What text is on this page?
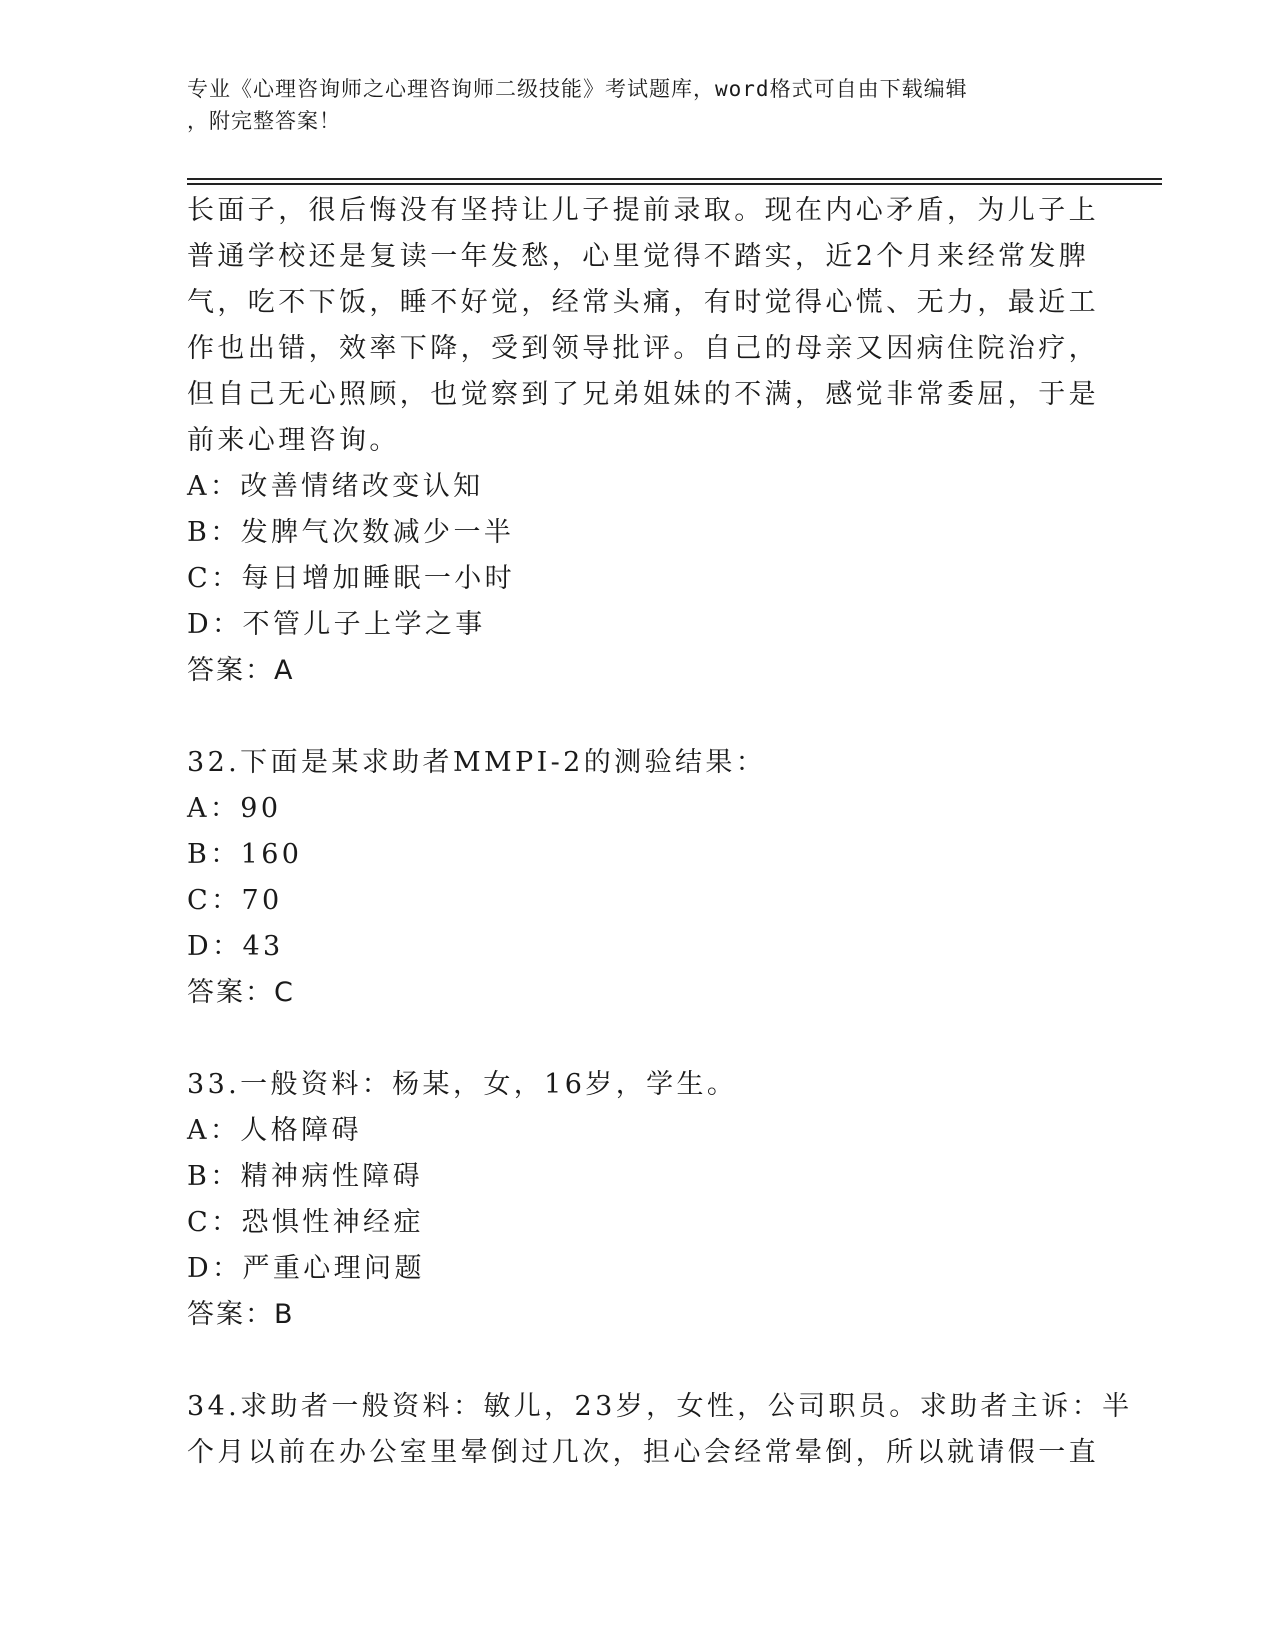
专业《心理咨询师之心理咨询师二级技能》考试题库，word格式可自由下载编辑
，附完整答案！
长面子，很后悔没有坚持让儿子提前录取。现在内心矛盾，为儿子上
普通学校还是复读一年发愁，心里觉得不踏实，近2个月来经常发脾
气，吃不下饭，睡不好觉，经常头痛，有时觉得心慌、无力，最近工
作也出错，效率下降，受到领导批评。自己的母亲又因病住院治疗，
但自己无心照顾，也觉察到了兄弟姐妹的不满，感觉非常委屈，于是
前来心理咨询。
A：改善情绪改变认知
B：发脾气次数减少一半
C：每日增加睡眠一小时
D：不管儿子上学之事
答案：A
32.下面是某求助者MMPI-2的测验结果：
A：90
B：160
C：70
D：43
答案：C
33.一般资料：杨某，女，16岁，学生。
A：人格障碍
B：精神病性障碍
C：恐惧性神经症
D：严重心理问题
答案：B
34.求助者一般资料：敏儿，23岁，女性，公司职员。求助者主诉：半
个月以前在办公室里晕倒过几次，担心会经常晕倒，所以就请假一直
